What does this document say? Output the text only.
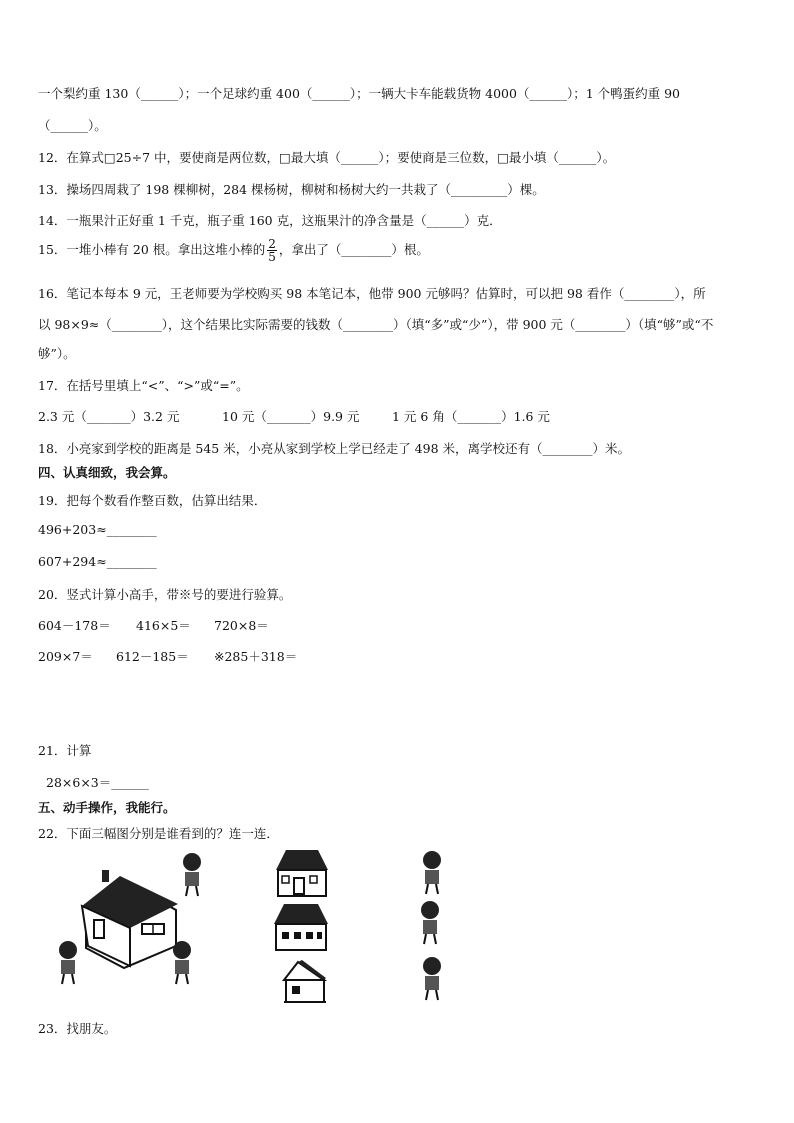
一个梨约重 130（______）；一个足球约重 400（______）；一辆大卡车能载货物 4000（______）；1 个鸭蛋约重 90
（______）。
12．在算式□25÷7 中，要使商是两位数，□最大填（______）；要使商是三位数，□最小填（______）。
13．操场四周栽了 198 棵柳树，284 棵杨树，柳树和杨树大约一共栽了（_________）棵。
14．一瓶果汁正好重 1 千克，瓶子重 160 克，这瓶果汁的净含量是（______）克．
15．一堆小棒有 20 根。拿出这堆小棒的 $\frac{2}{5}$ ，拿出了（________）根。
16．笔记本每本 9 元，王老师要为学校购买 98 本笔记本，他带 900 元够吗？估算时，可以把 98 看作（________），所
以 98×9≈（________），这个结果比实际需要的钱数（________）（填“多”或“少”），带 900 元（________）（填“够”或“不
够”）。
17．在括号里填上“<”、“>”或“=”。
2.3 元（_______）3.2 元	10 元（_______）9.9 元	1 元 6 角（_______）1.6 元
18．小亮家到学校的距离是 545 米，小亮从家到学校上学已经走了 498 米，离学校还有（________）米。
四、认真细致，我会算。
19．把每个数看作整百数，估算出结果．
496+203≈________
607+294≈________
20．竖式计算小高手，带※号的要进行验算。
604－178＝ 416×5＝ 720×8＝
209×7＝ 612－185＝ ※285＋318＝
21．计算
28×6×3＝______
五、动手操作，我能行。
22．下面三幅图分别是谁看到的？连一连．
23．找朋友。
